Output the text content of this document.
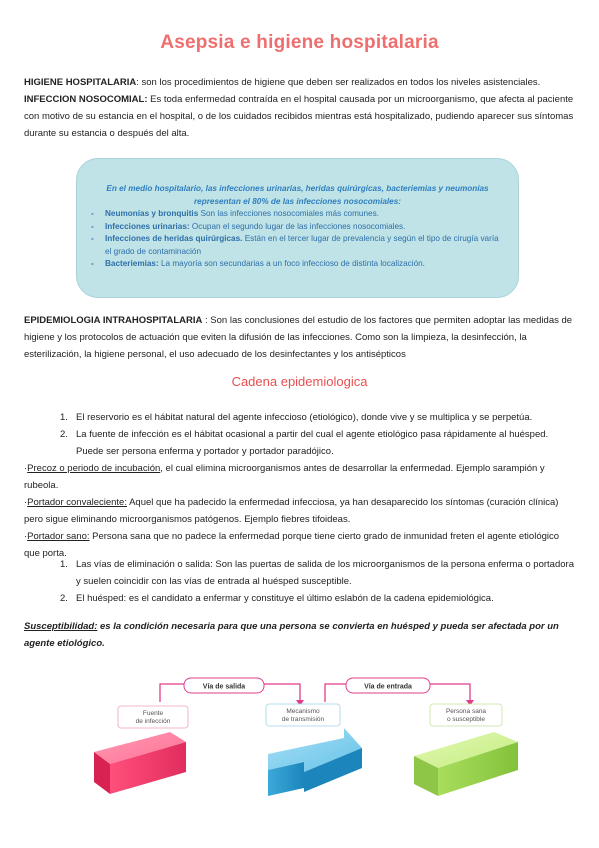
Asepsia e higiene hospitalaria
HIGIENE HOSPITALARIA: son los procedimientos de higiene que deben ser realizados en todos los niveles asistenciales.
INFECCION NOSOCOMIAL: Es toda enfermedad contraída en el hospital causada por un microorganismo, que afecta al paciente con motivo de su estancia en el hospital, o de los cuidados recibidos mientras está hospitalizado, pudiendo aparecer sus síntomas durante su estancia o después del alta.
En el medio hospitalario, las infecciones urinarias, heridas quirúrgicas, bacteriemias y neumonías representan el 80% de las infecciones nosocomiales:
-	Neumonías y bronquitis Son las infecciones nosocomiales más comunes.
-	Infecciones urinarias: Ocupan el segundo lugar de las infecciones nosocomiales.
-	Infecciones de heridas quirúrgicas. Están en el tercer lugar de prevalencia y según el tipo de cirugía varía el grado de contaminación
-	Bacteriemias: La mayoría son secundarias a un foco infeccioso de distinta localización.
EPIDEMIOLOGIA INTRAHOSPITALARIA : Son las conclusiones del estudio de los factores que permiten adoptar las medidas de higiene y los protocolos de actuación que eviten la difusión de las infecciones. Como son la limpieza, la desinfección, la esterilización, la higiene personal, el uso adecuado de los desinfectantes y los antisépticos
Cadena epidemiologica
1. El reservorio es el hábitat natural del agente infeccioso (etiológico), donde vive y se multiplica y se perpetúa.
2. La fuente de infección es el hábitat ocasional a partir del cual el agente etiológico pasa rápidamente al huésped. Puede ser persona enferma y portador y portador paradójico.
·Precoz o periodo de incubación, el cual elimina microorganismos antes de desarrollar la enfermedad. Ejemplo sarampión y rubeola.
·Portador convaleciente: Aquel que ha padecido la enfermedad infecciosa, ya han desaparecido los síntomas (curación clínica) pero sigue eliminando microorganismos patógenos. Ejemplo fiebres tifoideas.
·Portador sano: Persona sana que no padece la enfermedad porque tiene cierto grado de inmunidad freten el agente etiológico que porta.
1. Las vías de eliminación o salida: Son las puertas de salida de los microorganismos de la persona enferma o portadora y suelen coincidir con las vías de entrada al huésped susceptible.
2. El huésped: es el candidato a enfermar y constituye el último eslabón de la cadena epidemiológica.
Susceptibilidad: es la condición necesaria para que una persona se convierta en huésped y pueda ser afectada por un agente etiológico.
Vía de salida	Vía de entrada
Fuente
de infección
Mecanismo
de transmisión
Persona sana
o susceptible
